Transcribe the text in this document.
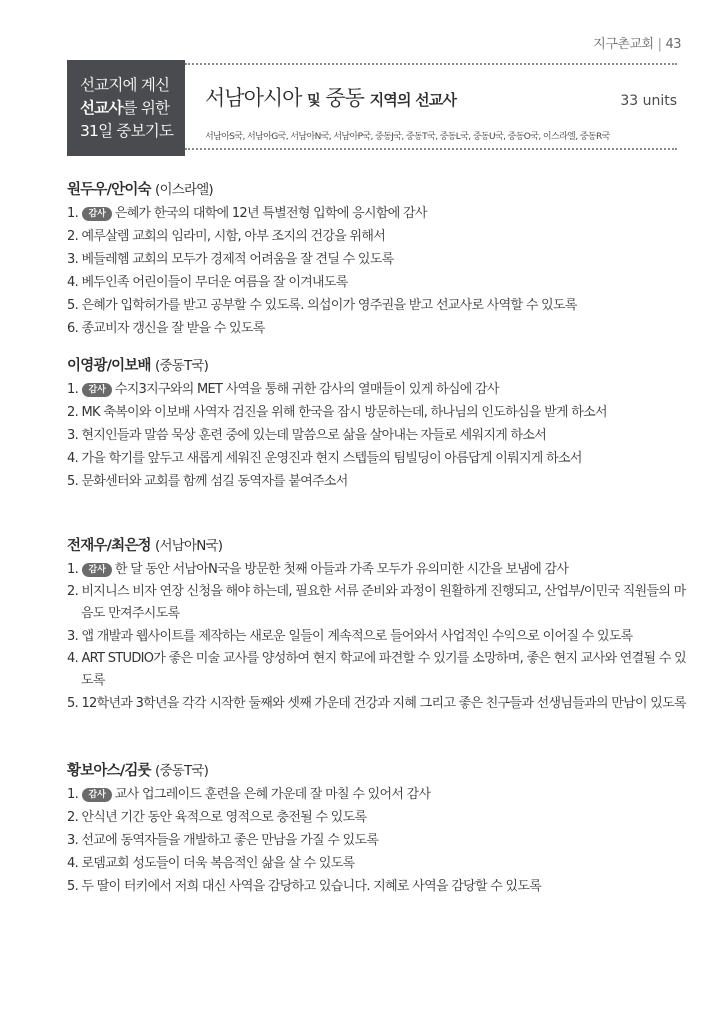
지구촌교회 | 43
선교지에 계신
선교사를 위한
31일 중보기도
서남아시아 및 중동 지역의 선교사	33 units
서남아S국, 서남아G국, 서남아N국, 서남아P국, 중동J국, 중동T국, 중동L국, 중동U국, 중동O국, 이스라엘, 중동R국
원두우/안이숙 (이스라엘)
1. 감사 은혜가 한국의 대학에 12년 특별전형 입학에 응시함에 감사
2. 예루살렘 교회의 임라미, 시함, 아부 조지의 건강을 위해서
3. 베들레헴 교회의 모두가 경제적 어려움을 잘 견딜 수 있도록
4. 베두인족 어린이들이 무더운 여름을 잘 이겨내도록
5. 은혜가 입학허가를 받고 공부할 수 있도록. 의섭이가 영주권을 받고 선교사로 사역할 수 있도록
6. 종교비자 갱신을 잘 받을 수 있도록
이영광/이보배 (중동T국)
1. 감사 수지3지구와의 MET 사역을 통해 귀한 감사의 열매들이 있게 하심에 감사
2. MK 축복이와 이보배 사역자 검진을 위해 한국을 잠시 방문하는데, 하나님의 인도하심을 받게 하소서
3. 현지인들과 말씀 묵상 훈련 중에 있는데 말씀으로 삶을 살아내는 자들로 세워지게 하소서
4. 가을 학기를 앞두고 새롭게 세워진 운영진과 현지 스텝들의 팀빌딩이 아름답게 이뤄지게 하소서
5. 문화센터와 교회를 함께 섬길 동역자를 붙여주소서
전재우/최은정 (서남아N국)
1. 감사 한 달 동안 서남아N국을 방문한 첫째 아들과 가족 모두가 유의미한 시간을 보냄에 감사
2. 비지니스 비자 연장 신청을 해야 하는데, 필요한 서류 준비와 과정이 원활하게 진행되고, 산업부/이민국 직원들의 마음도 만져주시도록
3. 앱 개발과 웹사이트를 제작하는 새로운 일들이 계속적으로 들어와서 사업적인 수익으로 이어질 수 있도록
4. ART STUDIO가 좋은 미술 교사를 양성하여 현지 학교에 파견할 수 있기를 소망하며, 좋은 현지 교사와 연결될 수 있도록
5. 12학년과 3학년을 각각 시작한 둘째와 셋째 가운데 건강과 지혜 그리고 좋은 친구들과 선생님들과의 만남이 있도록
황보아스/김룻 (중동T국)
1. 감사 교사 업그레이드 훈련을 은혜 가운데 잘 마칠 수 있어서 감사
2. 안식년 기간 동안 육적으로 영적으로 충전될 수 있도록
3. 선교에 동역자들을 개발하고 좋은 만남을 가질 수 있도록
4. 로뎀교회 성도들이 더욱 복음적인 삶을 살 수 있도록
5. 두 딸이 터키에서 저희 대신 사역을 감당하고 있습니다. 지혜로 사역을 감당할 수 있도록
